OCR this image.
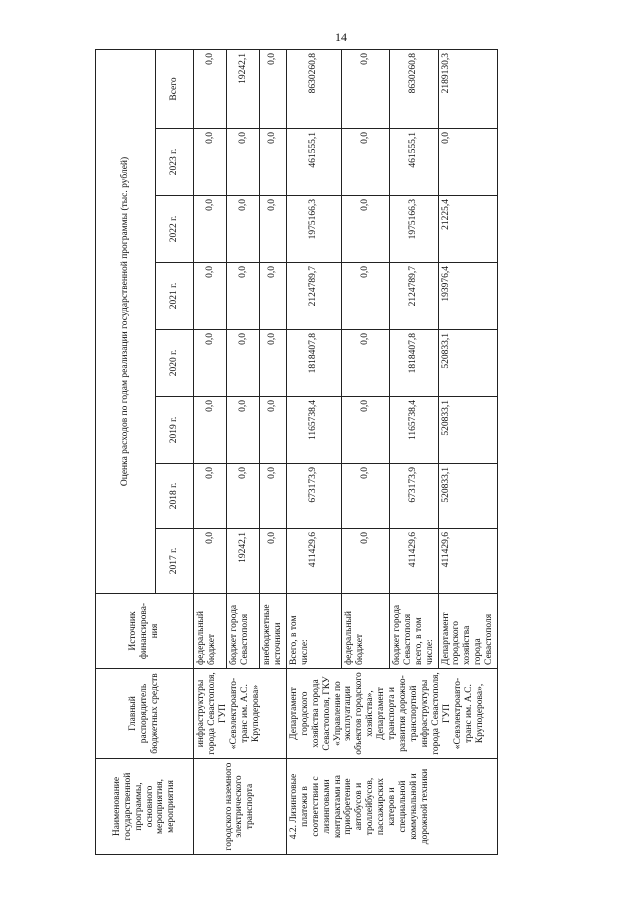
14
Наименование государственной программы, основного мероприятия, мероприятия	Главный распорядитель бюджетных средств	Источник финансирова-ния	Оценка расходов по годам реализации государственной программы (тыс. рублей)							
			2017 г.	2018 г.	2019 г.	2020 г.	2021 г.	2022 г.	2023 г.	Всего
городского наземного электрического транспорта	инфраструктуры города Севастополя, ГУП «Севэлектроавто-транс им. А.С. Круподерова»	федеральный бюджет	0,0	0,0	0,0	0,0	0,0	0,0	0,0	0,0
		бюджет города Севастополя	19242,1	0,0	0,0	0,0	0,0	0,0	0,0	19242,1
		внебюджетные источники	0,0	0,0	0,0	0,0	0,0	0,0	0,0	0,0
4.2. Лизинговые платежи в соответствии с лизинговыми контрактами на приобретение автобусов и троллейбусов, пассажирских катеров и специальной коммунальной и дорожной техники	Департамент городского хозяйства города Севастополя, ГКУ «Управление по эксплуатации объектов городского хозяйства», Департамент транспорта и развития дорожно-транспортной инфраструктуры города Севастополя, ГУП «Севэлектроавто-транс им. А.С. Круподерова»,	Всего, в том числе:	411429,6	673173,9	1165738,4	1818407,8	2124789,7	1975166,3	461555,1	8630260,8
		федеральный бюджет	0,0	0,0	0,0	0,0	0,0	0,0	0,0	0,0
		бюджет города Севастополя всего, в том числе:	411429,6	673173,9	1165738,4	1818407,8	2124789,7	1975166,3	461555,1	8630260,8
		Департамент городского хозяйства города Севастополя	411429,6	520833,1	520833,1	520833,1	193976,4	21225,4	0,0	2189130,3
